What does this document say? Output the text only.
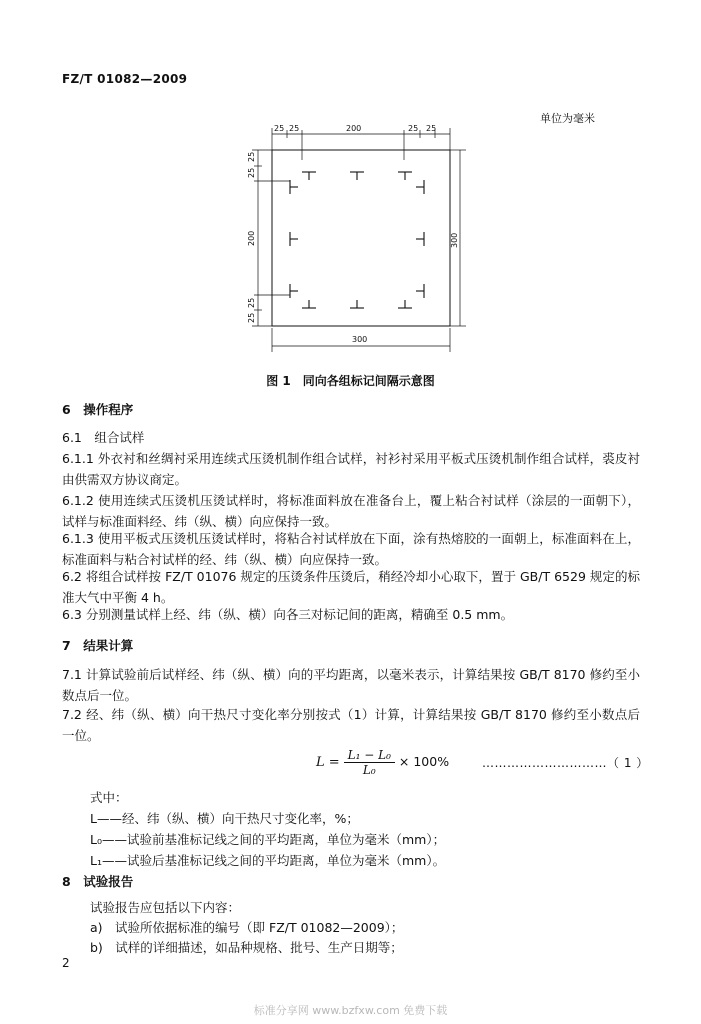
FZ/T 01082—2009
单位为毫米
25 25	200	25 25
25
25
200
25
25
300
300
图 1　同向各组标记间隔示意图
6　操作程序
6.1　组合试样
6.1.1 外衣衬和丝绸衬采用连续式压烫机制作组合试样，衬衫衬采用平板式压烫机制作组合试样，裘皮衬由供需双方协议商定。
6.1.2 使用连续式压烫机压烫试样时，将标准面料放在准备台上，覆上粘合衬试样（涂层的一面朝下），试样与标准面料经、纬（纵、横）向应保持一致。
6.1.3 使用平板式压烫机压烫试样时，将粘合衬试样放在下面，涂有热熔胶的一面朝上，标准面料在上，标准面料与粘合衬试样的经、纬（纵、横）向应保持一致。
6.2 将组合试样按 FZ/T 01076 规定的压烫条件压烫后，稍经冷却小心取下，置于 GB/T 6529 规定的标准大气中平衡 4 h。
6.3 分别测量试样上经、纬（纵、横）向各三对标记间的距离，精确至 0.5 mm。
7　结果计算
7.1 计算试验前后试样经、纬（纵、横）向的平均距离，以毫米表示，计算结果按 GB/T 8170 修约至小数点后一位。
7.2 经、纬（纵、横）向干热尺寸变化率分别按式（1）计算，计算结果按 GB/T 8170 修约至小数点后一位。
$L = \frac{\text{L₁ − L₀}}{\text{L₀}} \times 100\%$	…………………………（ 1 ）
式中：
L——经、纬（纵、横）向干热尺寸变化率，%；
L₀——试验前基准标记线之间的平均距离，单位为毫米（mm）；
L₁——试验后基准标记线之间的平均距离，单位为毫米（mm）。
8　试验报告
试验报告应包括以下内容：
a)　试验所依据标准的编号（即 FZ/T 01082—2009）；
b)　试样的详细描述，如品种规格、批号、生产日期等；
2
标准分享网 www.bzfxw.com 免费下载
